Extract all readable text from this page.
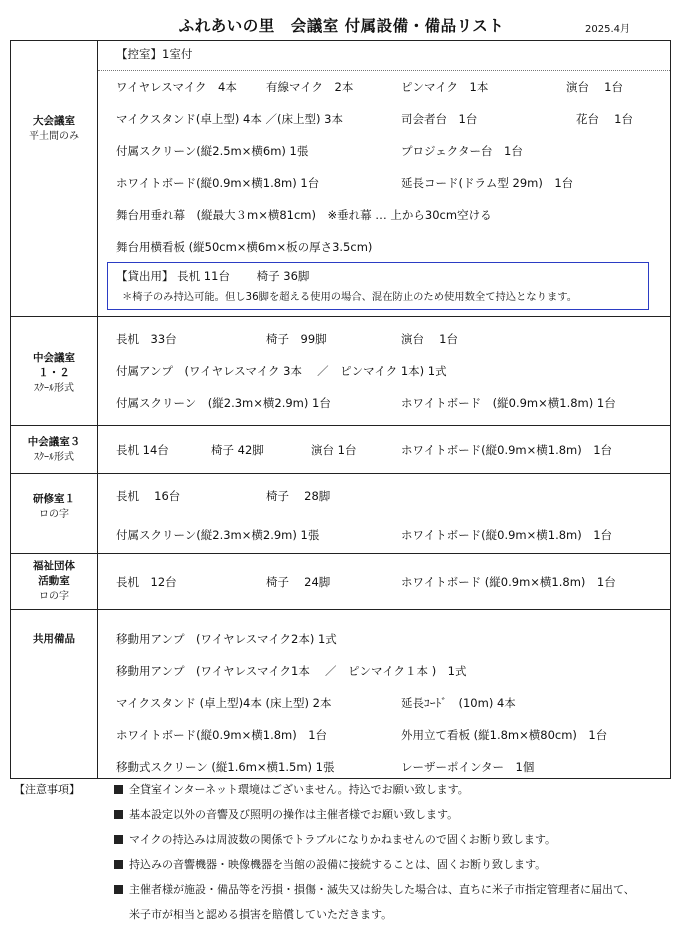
ふれあいの里　会議室 付属設備・備品リスト	2025.4月
大会議室
平土間のみ
【控室】1室付
ワイヤレスマイク　4本	有線マイク　2本	ピンマイク　1本	演台　 1台
マイクスタンド(卓上型) 4本 ／(床上型) 3本	司会者台　1台	花台　 1台
付属スクリーン(縦2.5m×横6m) 1張	プロジェクター台　1台
ホワイトボード(縦0.9m×横1.8m) 1台	延長コード(ドラム型 29m)　1台
舞台用垂れ幕　(縦最大３m×横81cm)　※垂れ幕 … 上から30cm空ける
舞台用横看板 (縦50cm×横6m×板の厚さ3.5cm)
【貸出用】 長机 11台　　 椅子 36脚
＊椅子のみ持込可能。但し36脚を超える使用の場合、混在防止のため使用数全て持込となります。
中会議室
１・２
ｽｸｰﾙ形式
長机　33台	椅子　99脚	演台　 1台
付属アンプ　(ワイヤレスマイク 3本　 ／　ピンマイク 1本) 1式
付属スクリーン　(縦2.3m×横2.9m) 1台	ホワイトボード　(縦0.9m×横1.8m) 1台
中会議室３
ｽｸｰﾙ形式
長机 14台	椅子 42脚	演台 1台	ホワイトボード(縦0.9m×横1.8m)　1台
研修室１
ロの字
長机　 16台	椅子　 28脚
付属スクリーン(縦2.3m×横2.9m) 1張	ホワイトボード(縦0.9m×横1.8m)　1台
福祉団体
活動室
ロの字
長机　12台	椅子　 24脚	ホワイトボード (縦0.9m×横1.8m)　1台
共用備品	移動用アンプ　(ワイヤレスマイク2本) 1式
移動用アンプ　(ワイヤレスマイク1本　 ／　ピンマイク１本 )　1式
マイクスタンド (卓上型)4本 (床上型) 2本	延長ｺｰﾄﾞ　(10m) 4本
ホワイトボード(縦0.9m×横1.8m)　1台	外用立て看板 (縦1.8m×横80cm)　1台
移動式スクリーン (縦1.6m×横1.5m) 1張	レーザーポインター　1個
【注意事項】	全貸室インターネット環境はございません。持込でお願い致します。
基本設定以外の音響及び照明の操作は主催者様でお願い致します。
マイクの持込みは周波数の関係でトラブルになりかねませんので固くお断り致します。
持込みの音響機器・映像機器を当館の設備に接続することは、固くお断り致します。
主催者様が施設・備品等を汚損・損傷・滅失又は紛失した場合は、直ちに米子市指定管理者に届出て、
米子市が相当と認める損害を賠償していただきます。
